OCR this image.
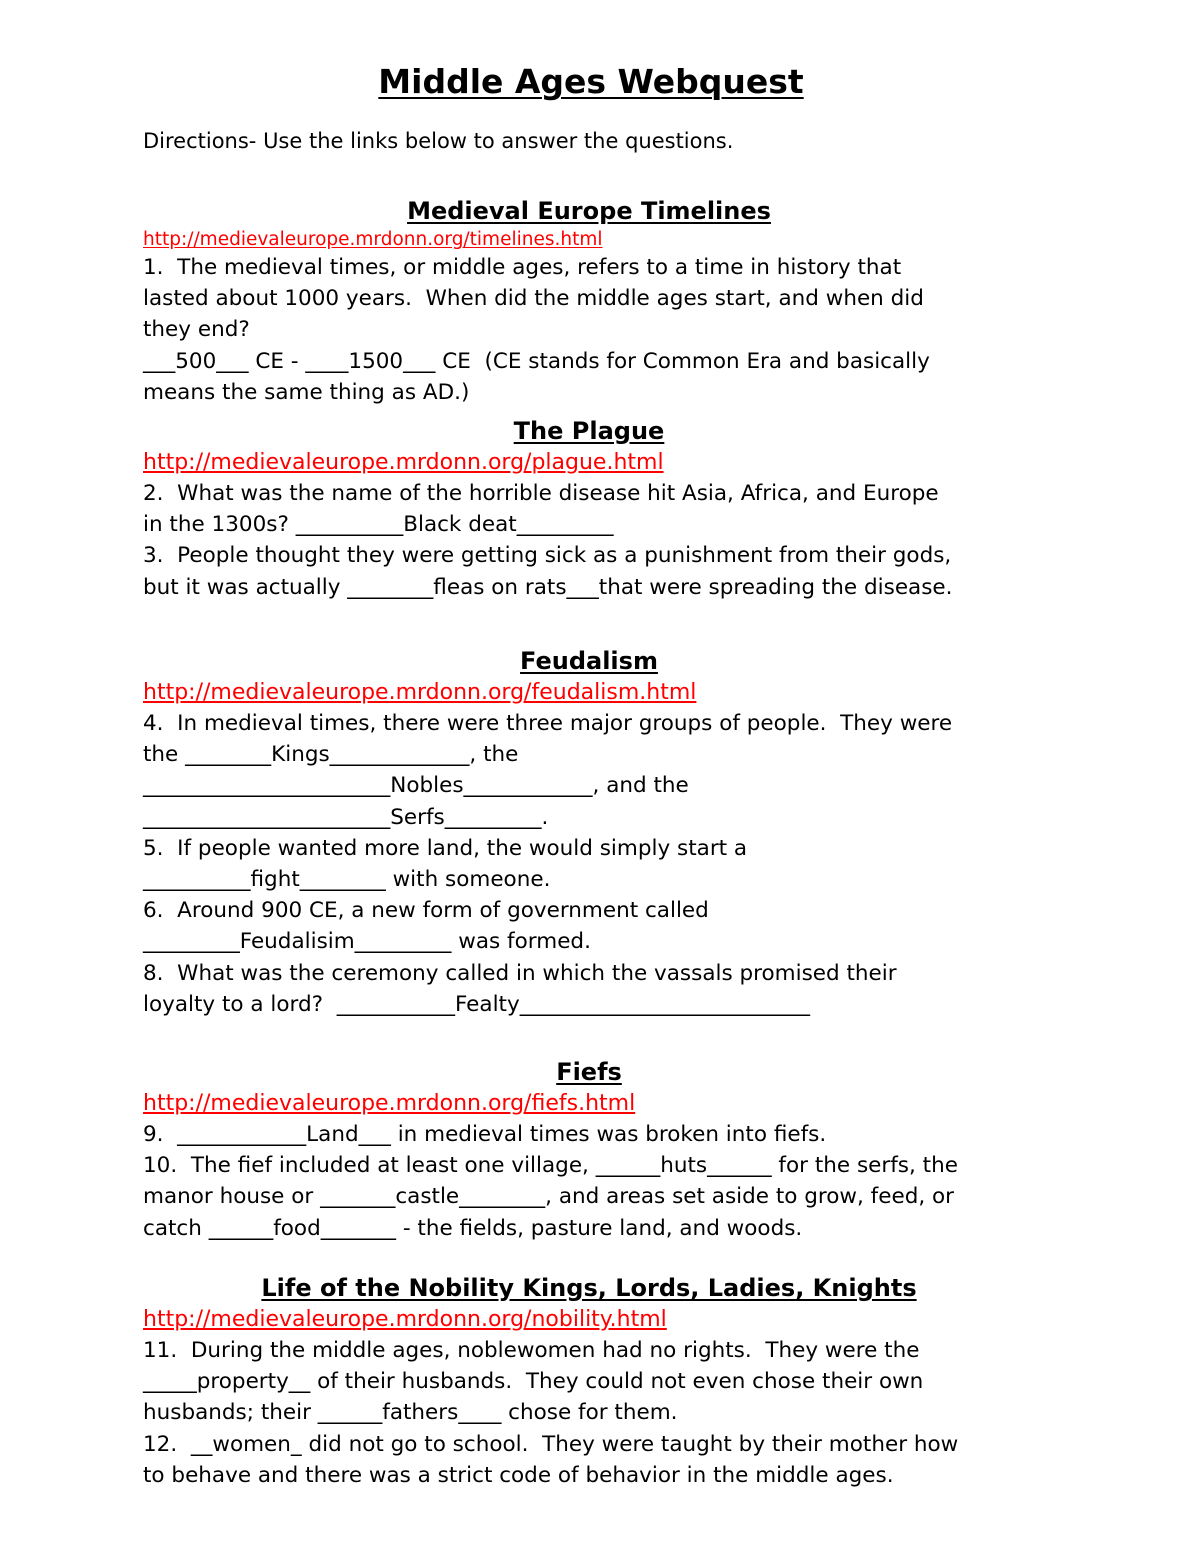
Middle Ages Webquest

Directions- Use the links below to answer the questions.

Medieval Europe Timelines
http://medievaleurope.mrdonn.org/timelines.html
1.  The medieval times, or middle ages, refers to a time in history that
lasted about 1000 years.  When did the middle ages start, and when did
they end?
___500___ CE - ____1500___ CE  (CE stands for Common Era and basically
means the same thing as AD.)
The Plague
http://medievaleurope.mrdonn.org/plague.html
2.  What was the name of the horrible disease hit Asia, Africa, and Europe
in the 1300s? __________Black deat_________
3.  People thought they were getting sick as a punishment from their gods,
but it was actually ________fleas on rats___that were spreading the disease.
Feudalism
http://medievaleurope.mrdonn.org/feudalism.html
4.  In medieval times, there were three major groups of people.  They were
the ________Kings_____________, the
_______________________Nobles____________, and the
_______________________Serfs_________.
5.  If people wanted more land, the would simply start a
__________fight________ with someone.
6.  Around 900 CE, a new form of government called
_________Feudalisim_________ was formed.
8.  What was the ceremony called in which the vassals promised their
loyalty to a lord?  ___________Fealty___________________________
Fiefs
http://medievaleurope.mrdonn.org/fiefs.html
9.  ____________Land___ in medieval times was broken into fiefs.
10.  The fief included at least one village, ______huts______ for the serfs, the
manor house or _______castle________, and areas set aside to grow, feed, or
catch ______food_______ - the fields, pasture land, and woods.
Life of the Nobility Kings, Lords, Ladies, Knights
http://medievaleurope.mrdonn.org/nobility.html
11.  During the middle ages, noblewomen had no rights.  They were the
_____property__ of their husbands.  They could not even chose their own
husbands; their ______fathers____ chose for them.
12.  __women_ did not go to school.  They were taught by their mother how
to behave and there was a strict code of behavior in the middle ages.
